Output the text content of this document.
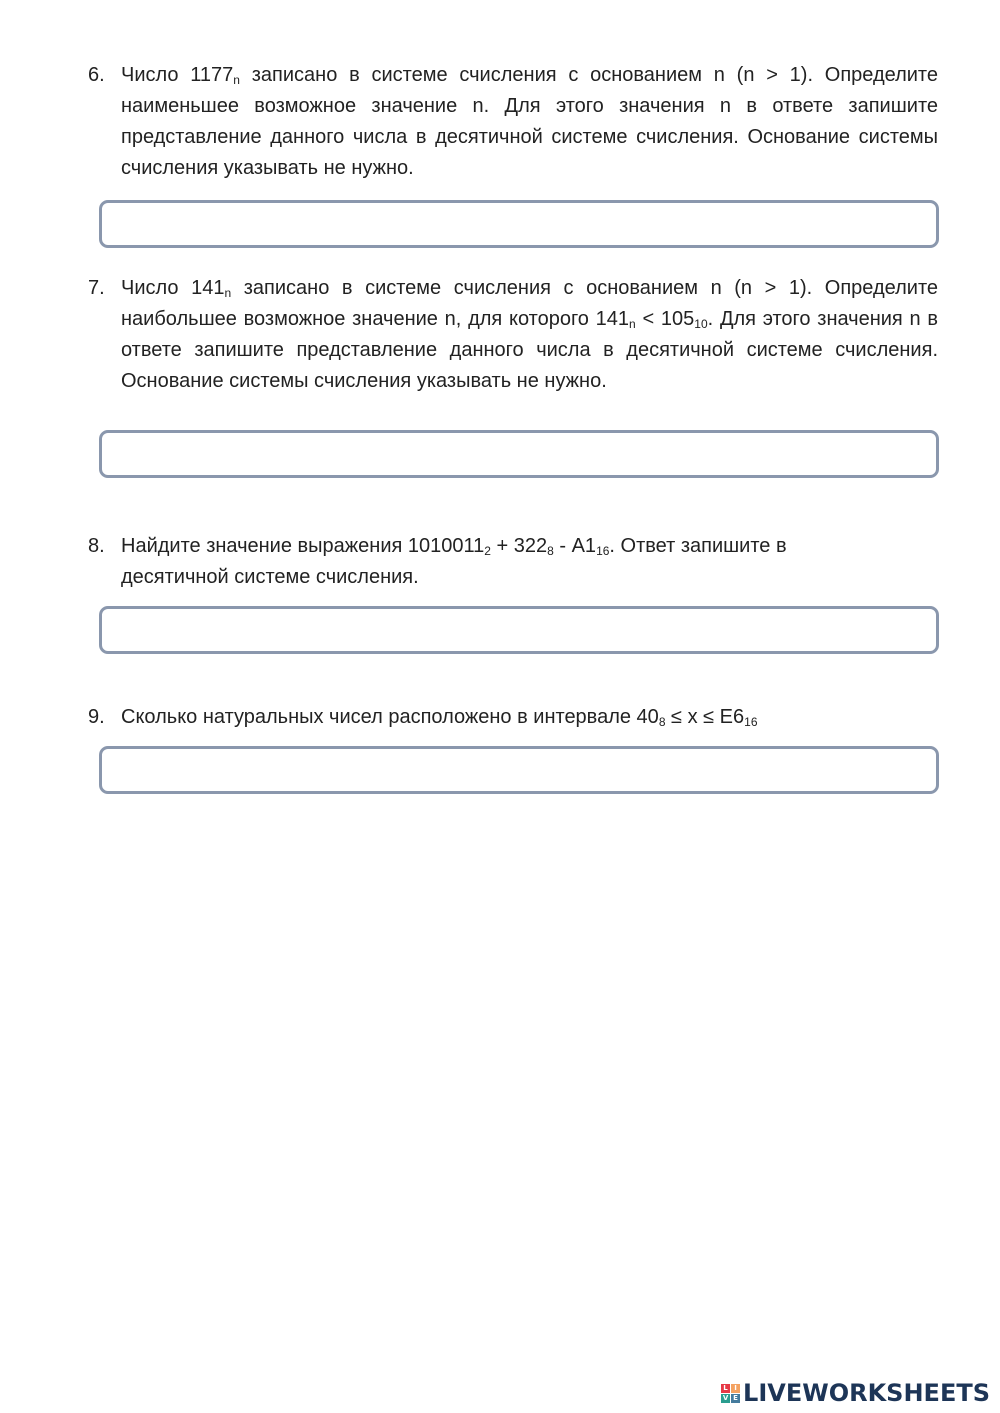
6. Число $1177_n$ записано в системе счисления с основанием n (n > 1). Определите наименьшее возможное значение n. Для этого значения n в ответе запишите представление данного числа в десятичной системе счисления. Основание системы счисления указывать не нужно.
7. Число $141_n$ записано в системе счисления с основанием n (n > 1). Определите наибольшее возможное значение n, для которого $141_n < 105_{10}$. Для этого значения n в ответе запишите представление данного числа в десятичной системе счисления. Основание системы счисления указывать не нужно.
8. Найдите значение выражения $1010011_2 + 322_8 - A1_{16}$. Ответ запишите в десятичной системе счисления.
9. Сколько натуральных чисел расположено в интервале $40_8 \le x \le E6_{16}$
L I
V E LIVEWORKSHEETS
